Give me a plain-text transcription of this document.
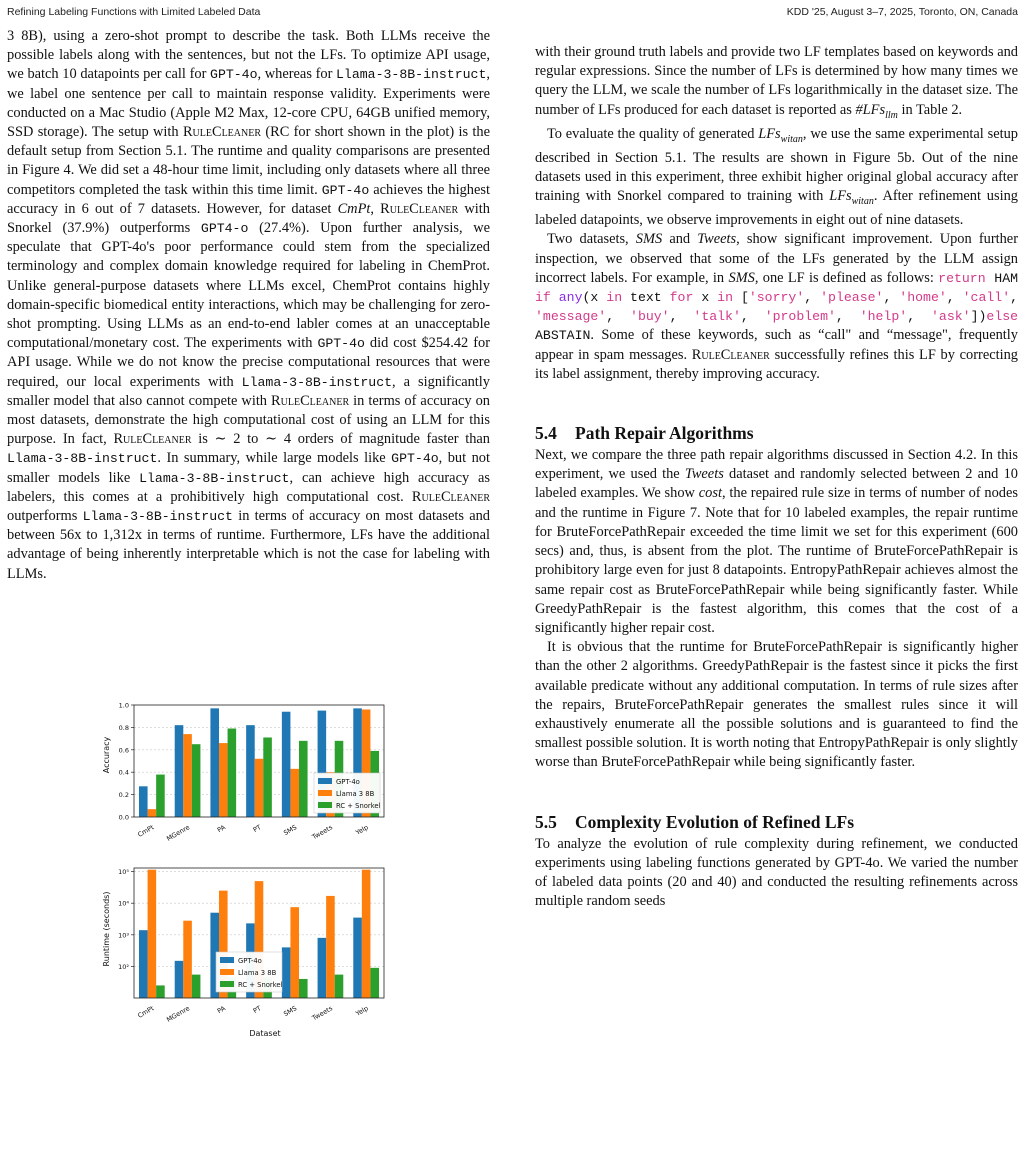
Refining Labeling Functions with Limited Labeled Data	KDD '25, August 3–7, 2025, Toronto, ON, Canada

3 8B), using a zero-shot prompt to describe the task. Both LLMs receive the possible labels along with the sentences, but not the LFs. To optimize API usage, we batch 10 datapoints per call for GPT-4o, whereas for Llama-3-8B-instruct, we label one sentence per call to maintain response validity. Experiments were conducted on a Mac Studio (Apple M2 Max, 12-core CPU, 64GB unified memory, SSD storage). The setup with RuleCleaner (RC for short shown in the plot) is the default setup from Section 5.1. The runtime and quality comparisons are presented in Figure 4. We did set a 48-hour time limit, including only datasets where all three competitors completed the task within this time limit. GPT-4o achieves the highest accuracy in 6 out of 7 datasets. However, for dataset CmPt, RuleCleaner with Snorkel (37.9%) outperforms GPT4-o (27.4%). Upon further analysis, we speculate that GPT-4o's poor performance could stem from the specialized terminology and complex domain knowledge required for labeling in ChemProt. Unlike general-purpose datasets where LLMs excel, ChemProt contains highly domain-specific biomedical entity interactions, which may be challenging for zero-shot prompting. Using LLMs as an end-to-end labler comes at an unacceptable computational/monetary cost. The experiments with GPT-4o did cost $254.42 for API usage. While we do not know the precise computational resources that were required, our local experiments with Llama-3-8B-instruct, a significantly smaller model that also cannot compete with RuleCleaner in terms of accuracy on most datasets, demonstrate the high computational cost of using an LLM for this purpose. In fact, RuleCleaner is ∼ 2 to ∼ 4 orders of magnitude faster than Llama-3-8B-instruct. In summary, while large models like GPT-4o, but not smaller models like Llama-3-8B-instruct, can achieve high accuracy as labelers, this comes at a prohibitively high computational cost. RuleCleaner outperforms Llama-3-8B-instruct in terms of accuracy on most datasets and between 56x to 1,312x in terms of runtime. Furthermore, LFs have the additional advantage of being inherently interpretable which is not the case for labeling with LLMs.

0.0
0.2
0.4
0.6
0.8
1.0
CmPt MGenre	PA	PT	SMS Tweets	Yelp
Accuracy
GPT-4o
Llama 3 8B
RC + Snorkel
10²
10³
10⁴
10⁵
CmPt MGenre	PA	PT	SMS Tweets	Yelp
Runtime (seconds)
Dataset
GPT-4o
Llama 3 8B
RC + Snorkel

with their ground truth labels and provide two LF templates based on keywords and regular expressions. Since the number of LFs is determined by how many times we query the LLM, we scale the number of LFs logarithmically in the dataset size. The number of LFs produced for each dataset is reported as #LFs$_{llm}$ in Table 2.

To evaluate the quality of generated LFs$_{witan}$, we use the same experimental setup described in Section 5.1. The results are shown in Figure 5b. Out of the nine datasets used in this experiment, three exhibit higher original global accuracy after training with Snorkel compared to training with LFs$_{witan}$. After refinement using labeled datapoints, we observe improvements in eight out of nine datasets.

Two datasets, SMS and Tweets, show significant improvement. Upon further inspection, we observed that some of the LFs generated by the LLM assign incorrect labels. For example, in SMS, one LF is defined as follows: return HAM if any(x in text for x in ['sorry', 'please', 'home', 'call', 'message', 'buy', 'talk', 'problem', 'help', 'ask'])else ABSTAIN. Some of these keywords, such as “call" and “message", frequently appear in spam messages. RuleCleaner successfully refines this LF by correcting its label assignment, thereby improving accuracy.

5.4 Path Repair Algorithms

Next, we compare the three path repair algorithms discussed in Section 4.2. In this experiment, we used the Tweets dataset and randomly selected between 2 and 10 labeled examples. We show cost, the repaired rule size in terms of number of nodes and the runtime in Figure 7. Note that for 10 labeled examples, the repair runtime for BruteForcePathRepair exceeded the time limit we set for this experiment (600 secs) and, thus, is absent from the plot. The runtime of BruteForcePathRepair is prohibitory large even for just 8 datapoints. EntropyPathRepair achieves almost the same repair cost as BruteForcePathRepair while being significantly faster. While GreedyPathRepair is the fastest algorithm, this comes that the cost of a significantly higher repair cost.

It is obvious that the runtime for BruteForcePathRepair is significantly higher than the other 2 algorithms. GreedyPathRepair is the fastest since it picks the first available predicate without any additional computation. In terms of rule sizes after the repairs, BruteForcePathRepair generates the smallest rules since it will exhaustively enumerate all the possible solutions and is guaranteed to find the smallest possible solution. It is worth noting that EntropyPathRepair is only slightly worse than BruteForcePathRepair while being significantly faster.

5.5 Complexity Evolution of Refined LFs

To analyze the evolution of rule complexity during refinement, we conducted experiments using labeling functions generated by GPT-4o. We varied the number of labeled data points (20 and 40) and conducted the resulting refinements across multiple random seeds
